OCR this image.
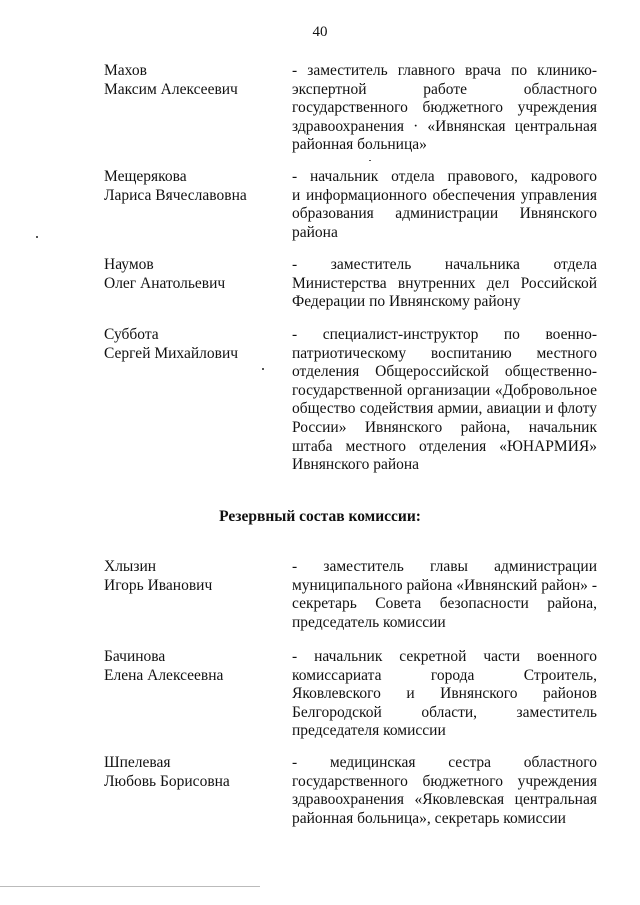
40
Махов
Максим Алексеевич
- заместитель главного врача по клинико-
экспертной работе областного
государственного бюджетного учреждения
здравоохранения · «Ивнянская центральная
районная больница»
Мещерякова
Лариса Вячеславовна
- начальник отдела правового, кадрового
и информационного обеспечения управления
образования администрации Ивнянского
района
Наумов
Олег Анатольевич
- заместитель начальника отдела
Министерства внутренних дел Российской
Федерации по Ивнянскому району
Суббота
Сергей Михайлович
- специалист-инструктор по военно-
патриотическому воспитанию местного
отделения Общероссийской общественно-
государственной организации «Добровольное
общество содействия армии, авиации и флоту
России» Ивнянского района, начальник
штаба местного отделения «ЮНАРМИЯ»
Ивнянского района
Резервный состав комиссии:
Хлызин
Игорь Иванович
- заместитель главы администрации
муниципального района «Ивнянский район» -
секретарь Совета безопасности района,
председатель комиссии
Бачинова
Елена Алексеевна
- начальник секретной части военного
комиссариата города Строитель,
Яковлевского и Ивнянского районов
Белгородской области, заместитель
председателя комиссии
Шпелевая
Любовь Борисовна
- медицинская сестра областного
государственного бюджетного учреждения
здравоохранения «Яковлевская центральная
районная больница», секретарь комиссии
